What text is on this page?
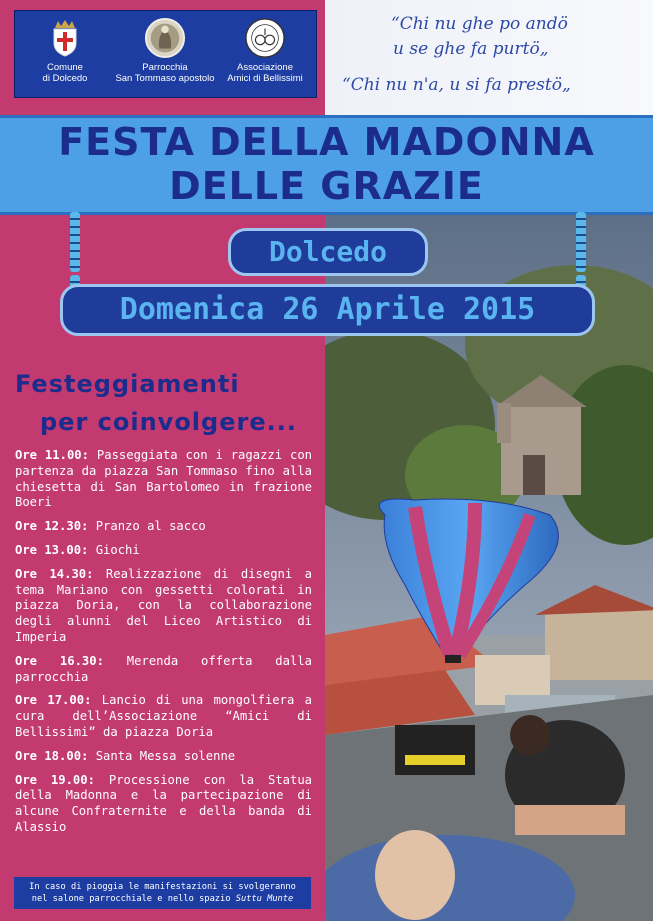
Comune
di Dolcedo
Parrocchia
San Tommaso apostolo
Associazione
Amici di Bellissimi
“Chi nu ghe po andö
u se ghe fa purtö„
“Chi nu n'a, u si fa prestö„
FESTA DELLA MADONNA
DELLE GRAZIE
Dolcedo
Domenica 26 Aprile 2015
Festeggiamenti
per coinvolgere...

Ore 11.00: Passeggiata con i ragazzi con partenza da piazza San Tommaso fino alla chiesetta di San Bartolomeo in frazione Boeri

Ore 12.30: Pranzo al sacco

Ore 13.00: Giochi

Ore 14.30: Realizzazione di disegni a tema Mariano con gessetti colorati in piazza Doria, con la collaborazione degli alunni del Liceo Artistico di Imperia

Ore 16.30: Merenda offerta dalla parrocchia

Ore 17.00: Lancio di una mongolfiera a cura dell’Associazione “Amici di Bellissimi” da piazza Doria

Ore 18.00: Santa Messa solenne

Ore 19.00: Processione con la Statua della Madonna e la partecipazione di alcune Confraternite e della banda di Alassio

In caso di pioggia le manifestazioni si svolgeranno
nel salone parrocchiale e nello spazio Suttu Munte
